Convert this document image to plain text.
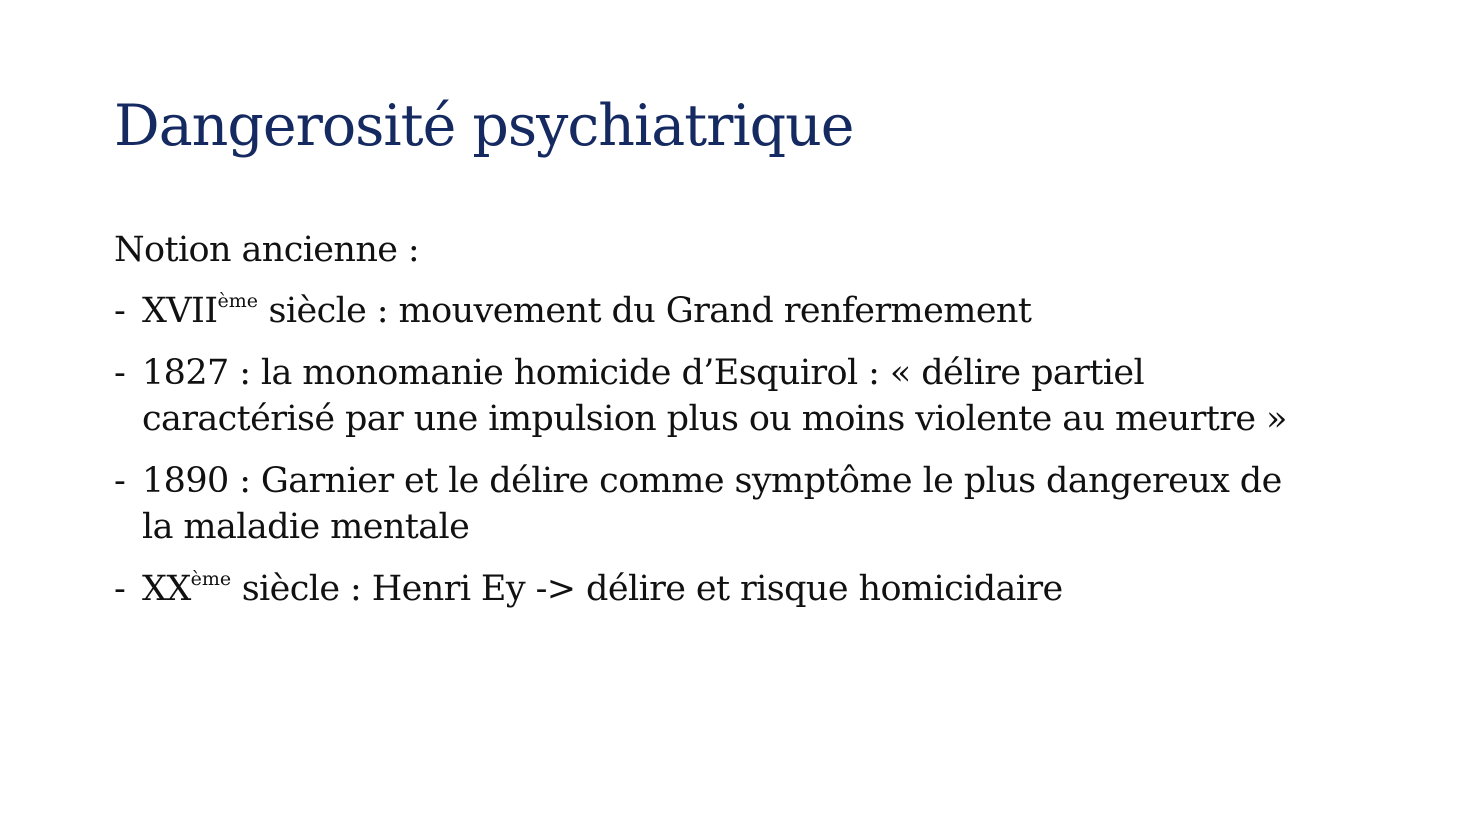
Dangerosité psychiatrique

Notion ancienne :

- XVIIème siècle : mouvement du Grand renfermement
- 1827 : la monomanie homicide d’Esquirol : « délire partiel
caractérisé par une impulsion plus ou moins violente au meurtre »
- 1890 : Garnier et le délire comme symptôme le plus dangereux de
la maladie mentale
- XXème siècle : Henri Ey -> délire et risque homicidaire
